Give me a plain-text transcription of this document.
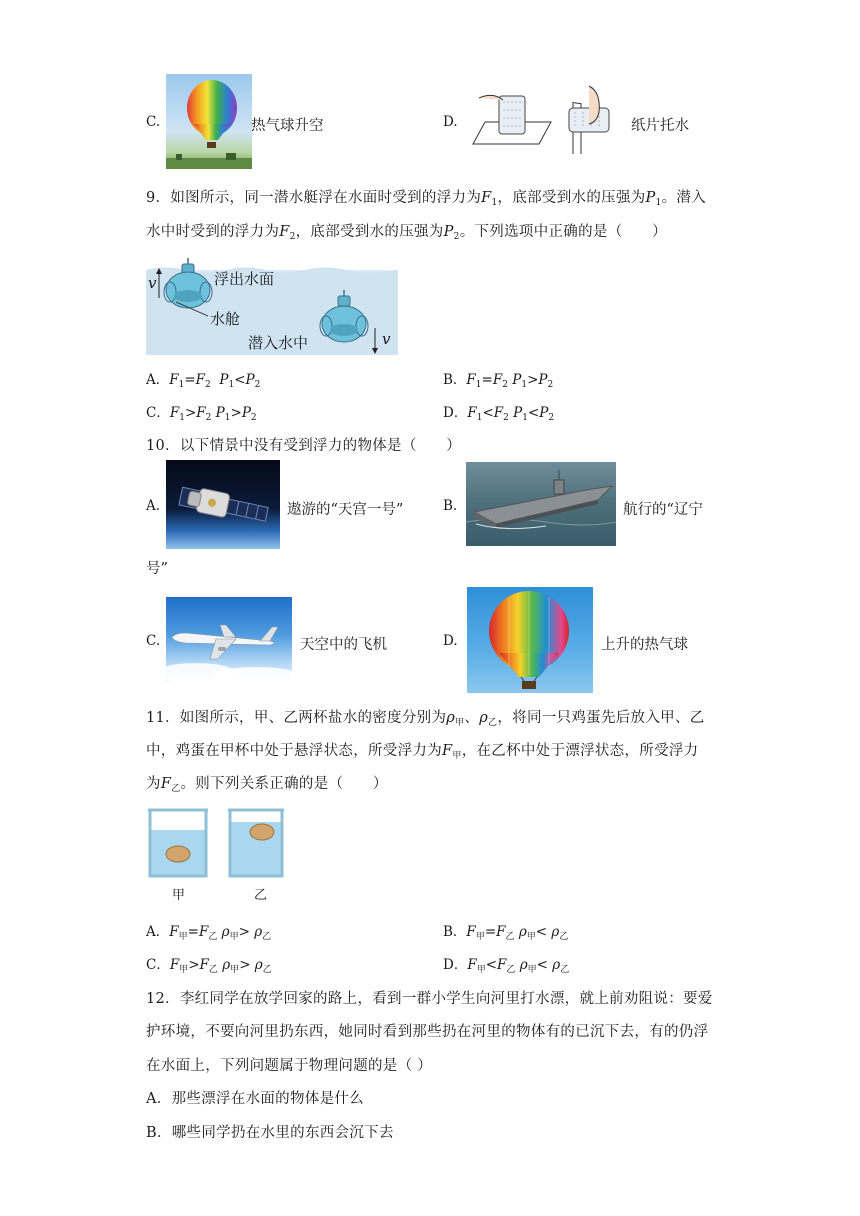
C.	热气球升空	D.	纸片托水
9．如图所示，同一潜水艇浮在水面时受到的浮力为$F_1$，底部受到水的压强为$P_1$。潜入
水中时受到的浮力为$F_2$，底部受到水的压强为$P_2$。下列选项中正确的是（　　）
v	浮出水面
水舱
潜入水中	v
A．$F_1=F_2$ $P_1<P_2$	B．$F_1=F_2$ $P_1>P_2$
C．$F_1>F_2$ $P_1>P_2$	D．$F_1<F_2$ $P_1<P_2$
10．以下情景中没有受到浮力的物体是（　　）
A.	遨游的“天宫一号”	B.	航行的“辽宁
号”
C.	天空中的飞机	D.	上升的热气球
11．如图所示，甲、乙两杯盐水的密度分别为$\rho_甲$、$\rho_乙$，将同一只鸡蛋先后放入甲、乙
中，鸡蛋在甲杯中处于悬浮状态，所受浮力为$F_甲$，在乙杯中处于漂浮状态，所受浮力
为$F_乙$。则下列关系正确的是（　　）
甲	乙
A．$F_甲=F_乙$ $\rho_甲> \rho_乙$	B．$F_甲=F_乙$ $\rho_甲< \rho_乙$
C．$F_甲>F_乙$ $\rho_甲> \rho_乙$	D．$F_甲<F_乙$ $\rho_甲< \rho_乙$
12．李红同学在放学回家的路上，看到一群小学生向河里打水漂，就上前劝阻说：要爱
护环境，不要向河里扔东西，她同时看到那些扔在河里的物体有的已沉下去，有的仍浮
在水面上，下列问题属于物理问题的是（ ）
A．那些漂浮在水面的物体是什么
B．哪些同学扔在水里的东西会沉下去
